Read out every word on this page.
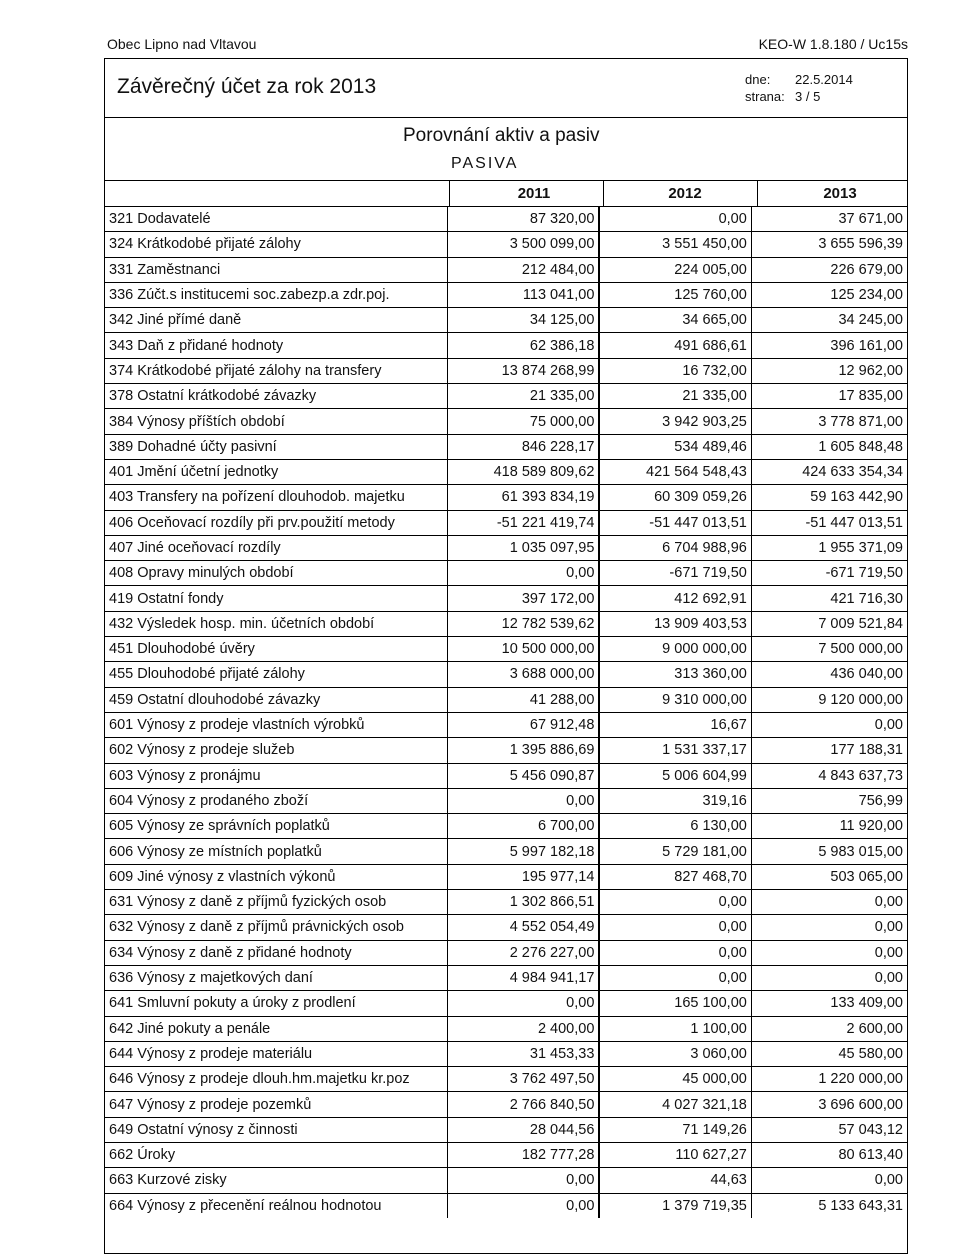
Obec Lipno nad Vltavou	KEO-W 1.8.180 / Uc15s
Závěrečný účet za rok 2013	dne: 22.5.2014
strana: 3 / 5
Porovnání aktiv a pasiv
PASIVA
2011	2012	2013
321 Dodavatelé	87 320,00	0,00	37 671,00
324 Krátkodobé přijaté zálohy	3 500 099,00	3 551 450,00	3 655 596,39
331 Zaměstnanci	212 484,00	224 005,00	226 679,00
336 Zúčt.s institucemi soc.zabezp.a zdr.poj.	113 041,00	125 760,00	125 234,00
342 Jiné přímé daně	34 125,00	34 665,00	34 245,00
343 Daň z přidané hodnoty	62 386,18	491 686,61	396 161,00
374 Krátkodobé přijaté zálohy na transfery	13 874 268,99	16 732,00	12 962,00
378 Ostatní krátkodobé závazky	21 335,00	21 335,00	17 835,00
384 Výnosy příštích období	75 000,00	3 942 903,25	3 778 871,00
389 Dohadné účty pasivní	846 228,17	534 489,46	1 605 848,48
401 Jmění účetní jednotky	418 589 809,62	421 564 548,43	424 633 354,34
403 Transfery na pořízení dlouhodob. majetku	61 393 834,19	60 309 059,26	59 163 442,90
406 Oceňovací rozdíly při prv.použití metody	-51 221 419,74	-51 447 013,51	-51 447 013,51
407 Jiné oceňovací rozdíly	1 035 097,95	6 704 988,96	1 955 371,09
408 Opravy minulých období	0,00	-671 719,50	-671 719,50
419 Ostatní fondy	397 172,00	412 692,91	421 716,30
432 Výsledek hosp. min. účetních období	12 782 539,62	13 909 403,53	7 009 521,84
451 Dlouhodobé úvěry	10 500 000,00	9 000 000,00	7 500 000,00
455 Dlouhodobé přijaté zálohy	3 688 000,00	313 360,00	436 040,00
459 Ostatní dlouhodobé závazky	41 288,00	9 310 000,00	9 120 000,00
601 Výnosy z prodeje vlastních výrobků	67 912,48	16,67	0,00
602 Výnosy z prodeje služeb	1 395 886,69	1 531 337,17	177 188,31
603 Výnosy z pronájmu	5 456 090,87	5 006 604,99	4 843 637,73
604 Výnosy z prodaného zboží	0,00	319,16	756,99
605 Výnosy ze správních poplatků	6 700,00	6 130,00	11 920,00
606 Výnosy ze místních poplatků	5 997 182,18	5 729 181,00	5 983 015,00
609 Jiné výnosy z vlastních výkonů	195 977,14	827 468,70	503 065,00
631 Výnosy z daně z příjmů fyzických osob	1 302 866,51	0,00	0,00
632 Výnosy z daně z příjmů právnických osob	4 552 054,49	0,00	0,00
634 Výnosy z daně z přidané hodnoty	2 276 227,00	0,00	0,00
636 Výnosy z majetkových daní	4 984 941,17	0,00	0,00
641 Smluvní pokuty a úroky z prodlení	0,00	165 100,00	133 409,00
642 Jiné pokuty a penále	2 400,00	1 100,00	2 600,00
644 Výnosy z prodeje materiálu	31 453,33	3 060,00	45 580,00
646 Výnosy z prodeje dlouh.hm.majetku kr.poz	3 762 497,50	45 000,00	1 220 000,00
647 Výnosy z prodeje pozemků	2 766 840,50	4 027 321,18	3 696 600,00
649 Ostatní výnosy z činnosti	28 044,56	71 149,26	57 043,12
662 Úroky	182 777,28	110 627,27	80 613,40
663 Kurzové zisky	0,00	44,63	0,00
664 Výnosy z přecenění reálnou hodnotou	0,00	1 379 719,35	5 133 643,31
